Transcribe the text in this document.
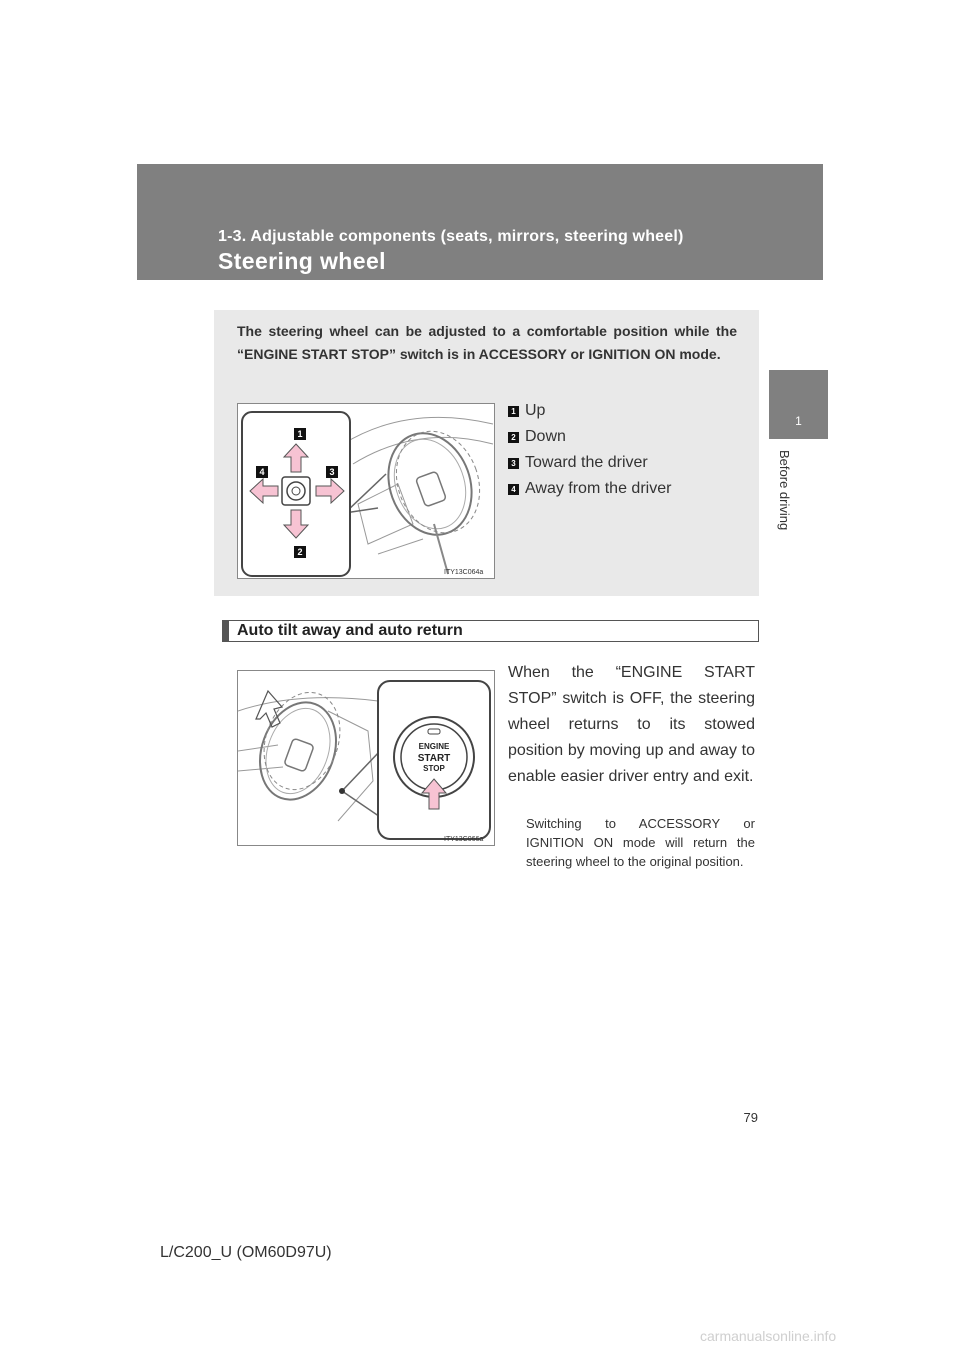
1-3. Adjustable components (seats, mirrors, steering wheel)
Steering wheel
1
Before driving
The steering wheel can be adjusted to a comfortable position while the “ENGINE START STOP” switch is in ACCESSORY or IGNITION ON mode.
1
2
3
4
ITY13C064a
1 Up
2 Down
3 Toward the driver
4 Away from the driver
Auto tilt away and auto return
ENGINE
START
STOP
ITY13C066a
When the “ENGINE START STOP” switch is OFF, the steering wheel returns to its stowed position by moving up and away to enable easier driver entry and exit.
Switching to ACCESSORY or IGNITION ON mode will return the steering wheel to the original position.
79
L/C200_U (OM60D97U)
carmanualsonline.info
